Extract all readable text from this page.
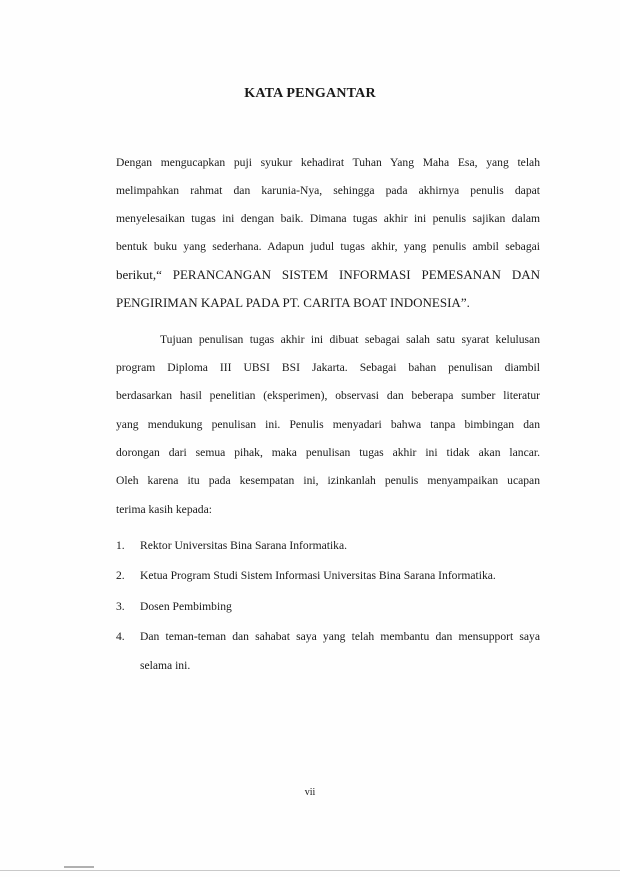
KATA PENGANTAR
Dengan mengucapkan puji syukur kehadirat Tuhan Yang Maha Esa, yang telah
melimpahkan rahmat dan karunia-Nya, sehingga pada akhirnya penulis dapat
menyelesaikan tugas ini dengan baik. Dimana tugas akhir ini penulis sajikan dalam
bentuk buku yang sederhana. Adapun judul tugas akhir, yang penulis ambil sebagai
berikut,“ PERANCANGAN SISTEM INFORMASI PEMESANAN DAN
PENGIRIMAN KAPAL PADA PT. CARITA BOAT INDONESIA”.
Tujuan penulisan tugas akhir ini dibuat sebagai salah satu syarat kelulusan
program Diploma III UBSI BSI Jakarta. Sebagai bahan penulisan diambil
berdasarkan hasil penelitian (eksperimen), observasi dan beberapa sumber literatur
yang mendukung penulisan ini. Penulis menyadari bahwa tanpa bimbingan dan
dorongan dari semua pihak, maka penulisan tugas akhir ini tidak akan lancar.
Oleh karena itu pada kesempatan ini, izinkanlah penulis menyampaikan ucapan
terima kasih kepada:
1.	Rektor Universitas Bina Sarana Informatika.
2.	Ketua Program Studi Sistem Informasi Universitas Bina Sarana Informatika.
3.	Dosen Pembimbing
4.	Dan teman-teman dan sahabat saya yang telah membantu dan mensupport saya
selama ini.
vii
